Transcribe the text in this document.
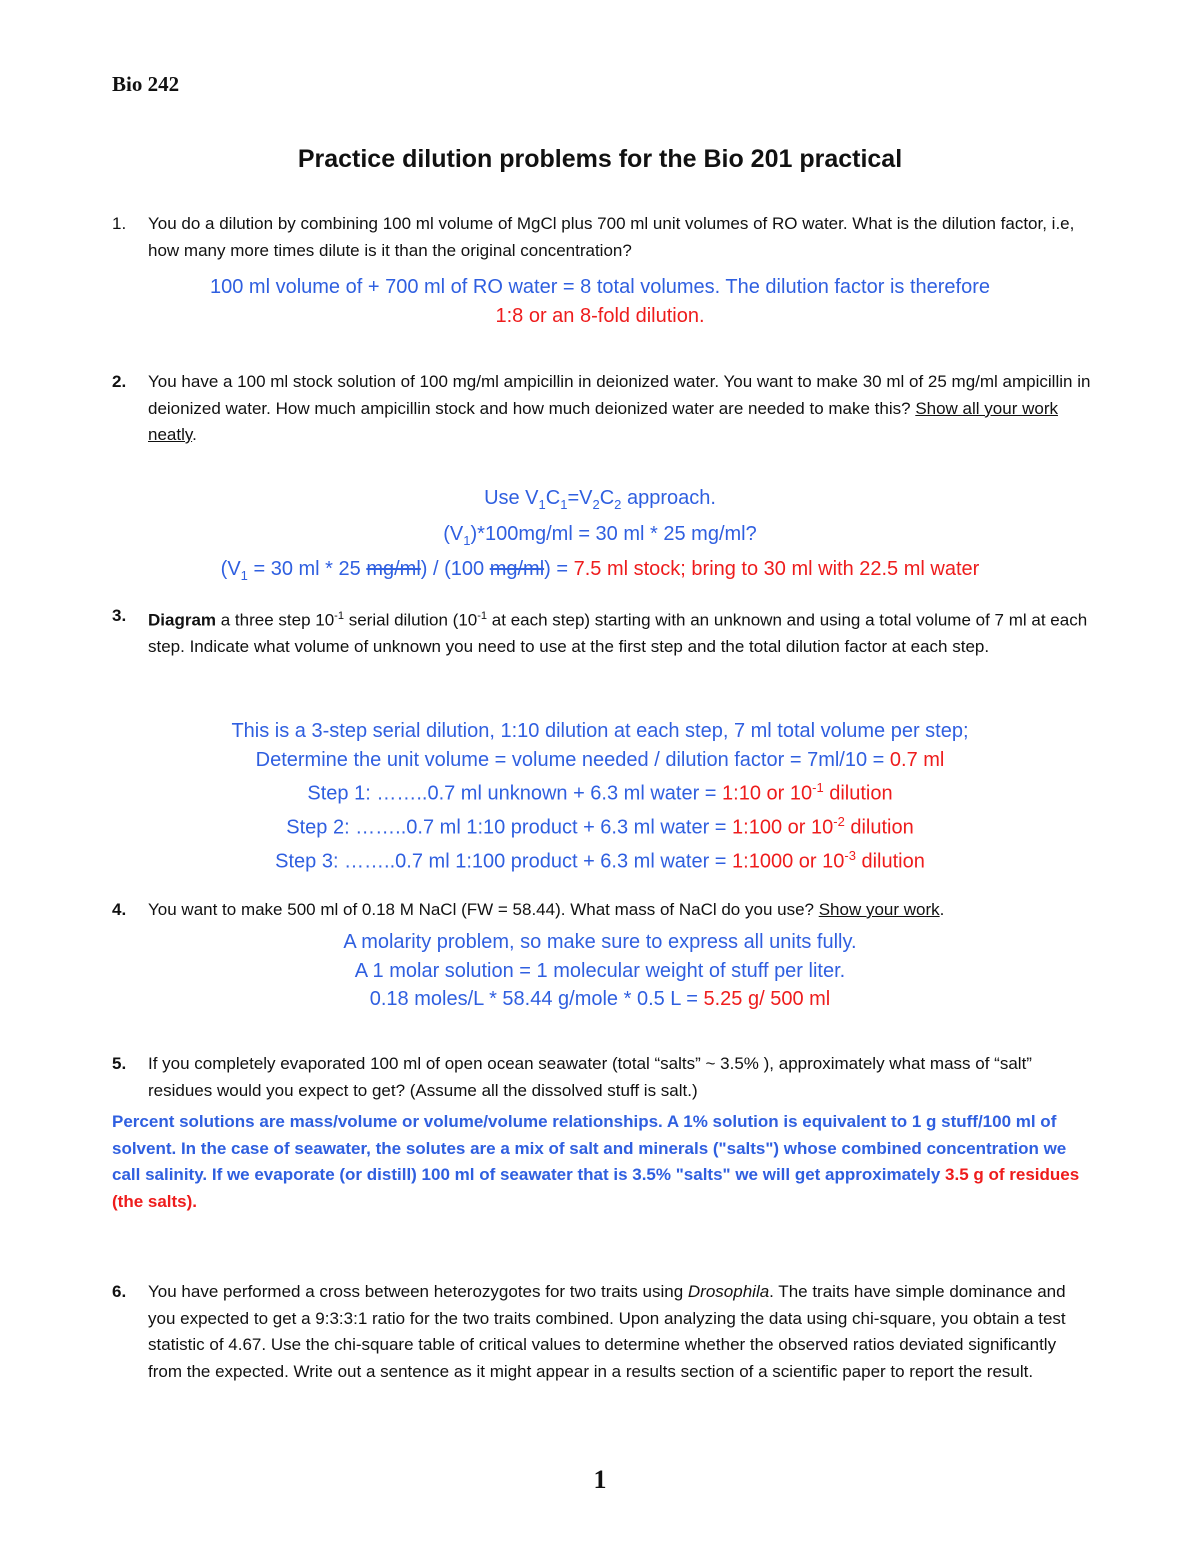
Bio 242
Practice dilution problems for the Bio 201 practical
1. You do a dilution by combining 100 ml volume of MgCl plus 700 ml unit volumes of RO water. What is the dilution factor, i.e, how many more times dilute is it than the original concentration?
100 ml volume of + 700 ml of RO water = 8 total volumes. The dilution factor is therefore
1:8 or an 8-fold dilution.
2. You have a 100 ml stock solution of 100 mg/ml ampicillin in deionized water. You want to make 30 ml of 25 mg/ml ampicillin in deionized water. How much ampicillin stock and how much deionized water are needed to make this? Show all your work neatly.
Use $V_1C_1=V_2C_2$ approach.
$(V_1)*100mg/ml = 30$ ml * 25 mg/ml?
($V_1 = 30$ ml * 25 mg/ml) / (100 mg/ml) = 7.5 ml stock; bring to 30 ml with 22.5 ml water
3. Diagram a three step $10^{-1}$ serial dilution ($10^{-1}$ at each step) starting with an unknown and using a total volume of 7 ml at each step. Indicate what volume of unknown you need to use at the first step and the total dilution factor at each step.
This is a 3-step serial dilution, 1:10 dilution at each step, 7 ml total volume per step;
Determine the unit volume = volume needed / dilution factor = 7ml/10 = 0.7 ml
Step 1: ……..0.7 ml unknown + 6.3 ml water = 1:10 or $10^{-1}$ dilution
Step 2: ……..0.7 ml 1:10 product + 6.3 ml water = 1:100 or $10^{-2}$ dilution
Step 3: ……..0.7 ml 1:100 product + 6.3 ml water = 1:1000 or $10^{-3}$ dilution
4. You want to make 500 ml of 0.18 M NaCl (FW = 58.44). What mass of NaCl do you use? Show your work.
A molarity problem, so make sure to express all units fully.
A 1 molar solution = 1 molecular weight of stuff per liter.
0.18 moles/L * 58.44 g/mole * 0.5 L = 5.25 g/ 500 ml
5. If you completely evaporated 100 ml of open ocean seawater (total “salts” ~ 3.5% ), approximately what mass of “salt” residues would you expect to get? (Assume all the dissolved stuff is salt.)
Percent solutions are mass/volume or volume/volume relationships. A 1% solution is equivalent to 1 g stuff/100 ml of solvent. In the case of seawater, the solutes are a mix of salt and minerals ("salts") whose combined concentration we call salinity. If we evaporate (or distill) 100 ml of seawater that is 3.5% "salts" we will get approximately 3.5 g of residues (the salts).
6. You have performed a cross between heterozygotes for two traits using Drosophila. The traits have simple dominance and you expected to get a 9:3:3:1 ratio for the two traits combined. Upon analyzing the data using chi-square, you obtain a test statistic of 4.67. Use the chi-square table of critical values to determine whether the observed ratios deviated significantly from the expected. Write out a sentence as it might appear in a results section of a scientific paper to report the result.
1
